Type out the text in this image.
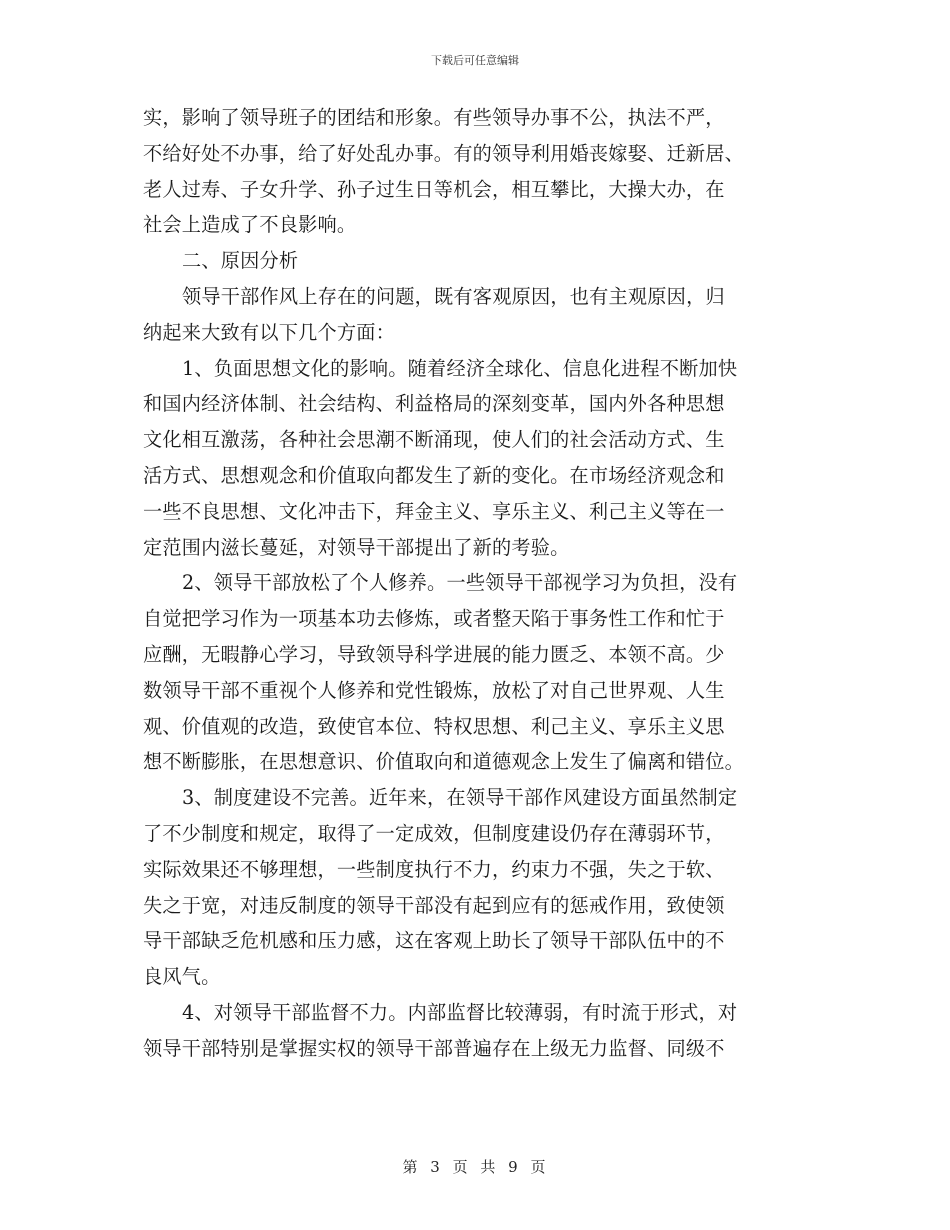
下载后可任意编辑
实，影响了领导班子的团结和形象。有些领导办事不公，执法不严，
不给好处不办事，给了好处乱办事。有的领导利用婚丧嫁娶、迁新居、
老人过寿、子女升学、孙子过生日等机会，相互攀比，大操大办，在
社会上造成了不良影响。
二、原因分析
领导干部作风上存在的问题，既有客观原因，也有主观原因，归
纳起来大致有以下几个方面：
1、负面思想文化的影响。随着经济全球化、信息化进程不断加快
和国内经济体制、社会结构、利益格局的深刻变革，国内外各种思想
文化相互激荡，各种社会思潮不断涌现，使人们的社会活动方式、生
活方式、思想观念和价值取向都发生了新的变化。在市场经济观念和
一些不良思想、文化冲击下，拜金主义、享乐主义、利己主义等在一
定范围内滋长蔓延，对领导干部提出了新的考验。
2、领导干部放松了个人修养。一些领导干部视学习为负担，没有
自觉把学习作为一项基本功去修炼，或者整天陷于事务性工作和忙于
应酬，无暇静心学习，导致领导科学进展的能力匮乏、本领不高。少
数领导干部不重视个人修养和党性锻炼，放松了对自己世界观、人生
观、价值观的改造，致使官本位、特权思想、利己主义、享乐主义思
想不断膨胀，在思想意识、价值取向和道德观念上发生了偏离和错位。
3、制度建设不完善。近年来，在领导干部作风建设方面虽然制定
了不少制度和规定，取得了一定成效，但制度建设仍存在薄弱环节，
实际效果还不够理想，一些制度执行不力，约束力不强，失之于软、
失之于宽，对违反制度的领导干部没有起到应有的惩戒作用，致使领
导干部缺乏危机感和压力感，这在客观上助长了领导干部队伍中的不
良风气。
4、对领导干部监督不力。内部监督比较薄弱，有时流于形式，对
领导干部特别是掌握实权的领导干部普遍存在上级无力监督、同级不
第 3 页 共 9 页
